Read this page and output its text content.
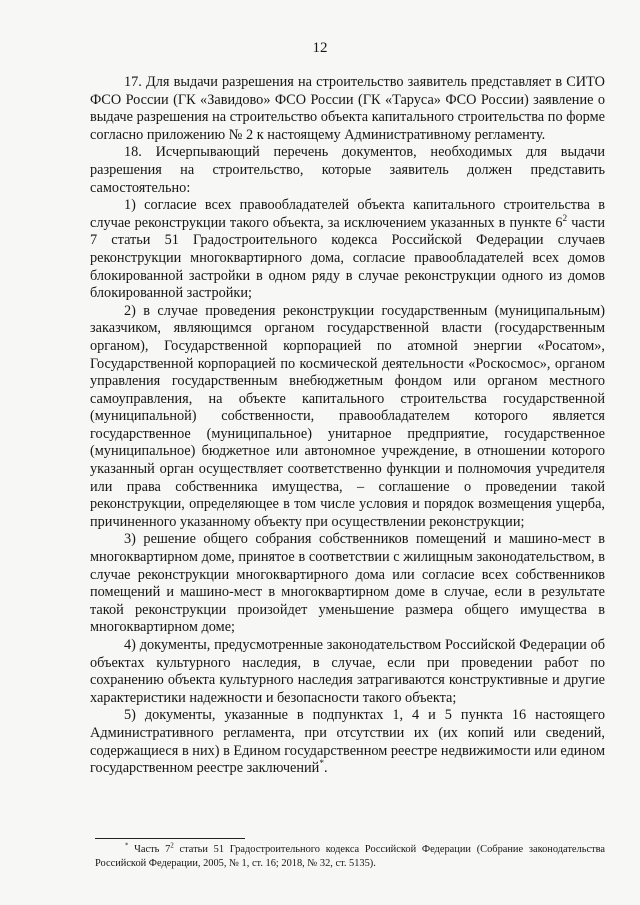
12

17. Для выдачи разрешения на строительство заявитель представляет в СИТО ФСО России (ГК «Завидово» ФСО России (ГК «Таруса» ФСО России) заявление о выдаче разрешения на строительство объекта капитального строительства по форме согласно приложению № 2 к настоящему Административному регламенту.

18. Исчерпывающий перечень документов, необходимых для выдачи разрешения на строительство, которые заявитель должен представить самостоятельно:

1) согласие всех правообладателей объекта капитального строительства в случае реконструкции такого объекта, за исключением указанных в пункте $6^2$ части 7 статьи 51 Градостроительного кодекса Российской Федерации случаев реконструкции многоквартирного дома, согласие правообладателей всех домов блокированной застройки в одном ряду в случае реконструкции одного из домов блокированной застройки;

2) в случае проведения реконструкции государственным (муниципальным) заказчиком, являющимся органом государственной власти (государственным органом), Государственной корпорацией по атомной энергии «Росатом», Государственной корпорацией по космической деятельности «Роскосмос», органом управления государственным внебюджетным фондом или органом местного самоуправления, на объекте капитального строительства государственной (муниципальной) собственности, правообладателем которого является государственное (муниципальное) унитарное предприятие, государственное (муниципальное) бюджетное или автономное учреждение, в отношении которого указанный орган осуществляет соответственно функции и полномочия учредителя или права собственника имущества, – соглашение о проведении такой реконструкции, определяющее в том числе условия и порядок возмещения ущерба, причиненного указанному объекту при осуществлении реконструкции;

3) решение общего собрания собственников помещений и машино-мест в многоквартирном доме, принятое в соответствии с жилищным законодательством, в случае реконструкции многоквартирного дома или согласие всех собственников помещений и машино-мест в многоквартирном доме в случае, если в результате такой реконструкции произойдет уменьшение размера общего имущества в многоквартирном доме;

4) документы, предусмотренные законодательством Российской Федерации об объектах культурного наследия, в случае, если при проведении работ по сохранению объекта культурного наследия затрагиваются конструктивные и другие характеристики надежности и безопасности такого объекта;

5) документы, указанные в подпунктах 1, 4 и 5 пункта 16 настоящего Административного регламента, при отсутствии их (их копий или сведений, содержащиеся в них) в Едином государственном реестре недвижимости или едином государственном реестре заключений*.

* Часть $7^2$ статьи 51 Градостроительного кодекса Российской Федерации (Собрание законодательства Российской Федерации, 2005, № 1, ст. 16; 2018, № 32, ст. 5135).
